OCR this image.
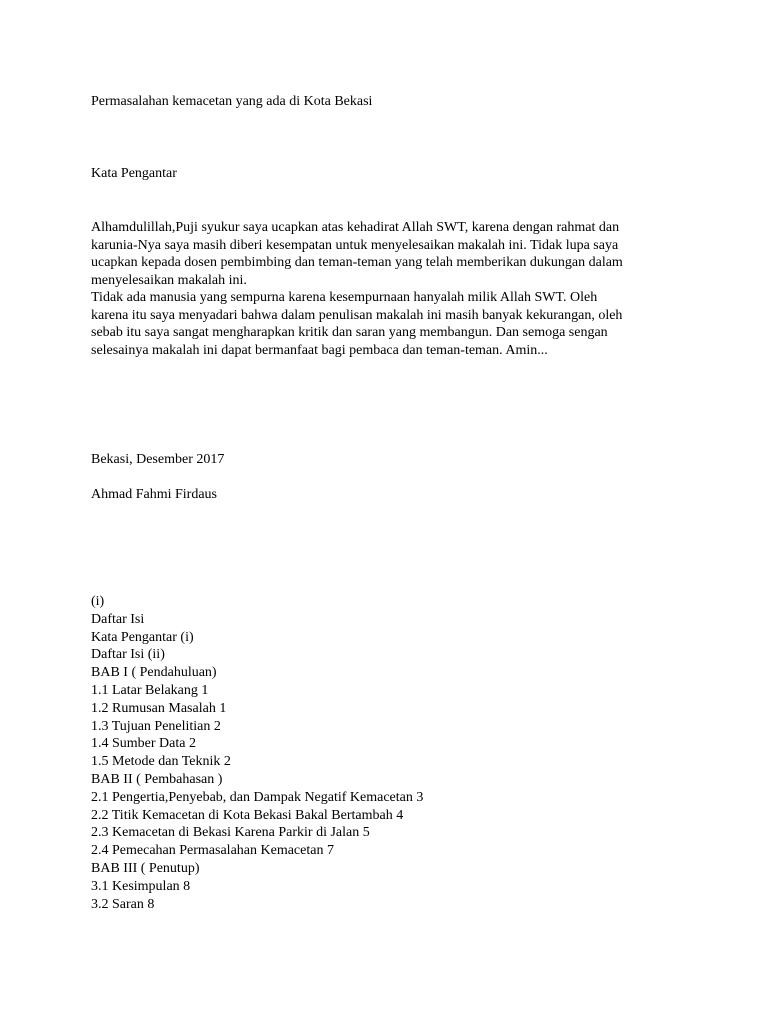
Permasalahan kemacetan yang ada di Kota Bekasi
Kata Pengantar
Alhamdulillah,Puji syukur saya ucapkan atas kehadirat Allah SWT, karena dengan rahmat dan
karunia-Nya saya masih diberi kesempatan untuk menyelesaikan makalah ini. Tidak lupa saya
ucapkan kepada dosen pembimbing dan teman-teman yang telah memberikan dukungan dalam
menyelesaikan makalah ini.
Tidak ada manusia yang sempurna karena kesempurnaan hanyalah milik Allah SWT. Oleh
karena itu saya menyadari bahwa dalam penulisan makalah ini masih banyak kekurangan, oleh
sebab itu saya sangat mengharapkan kritik dan saran yang membangun. Dan semoga sengan
selesainya makalah ini dapat bermanfaat bagi pembaca dan teman-teman. Amin...
Bekasi, Desember 2017
Ahmad Fahmi Firdaus
(i)
Daftar Isi
Kata Pengantar (i)
Daftar Isi (ii)
BAB I ( Pendahuluan)
1.1 Latar Belakang 1
1.2 Rumusan Masalah 1
1.3 Tujuan Penelitian 2
1.4 Sumber Data 2
1.5 Metode dan Teknik 2
BAB II ( Pembahasan )
2.1 Pengertia,Penyebab, dan Dampak Negatif Kemacetan 3
2.2 Titik Kemacetan di Kota Bekasi Bakal Bertambah 4
2.3 Kemacetan di Bekasi Karena Parkir di Jalan 5
2.4 Pemecahan Permasalahan Kemacetan 7
BAB III ( Penutup)
3.1 Kesimpulan 8
3.2 Saran 8
